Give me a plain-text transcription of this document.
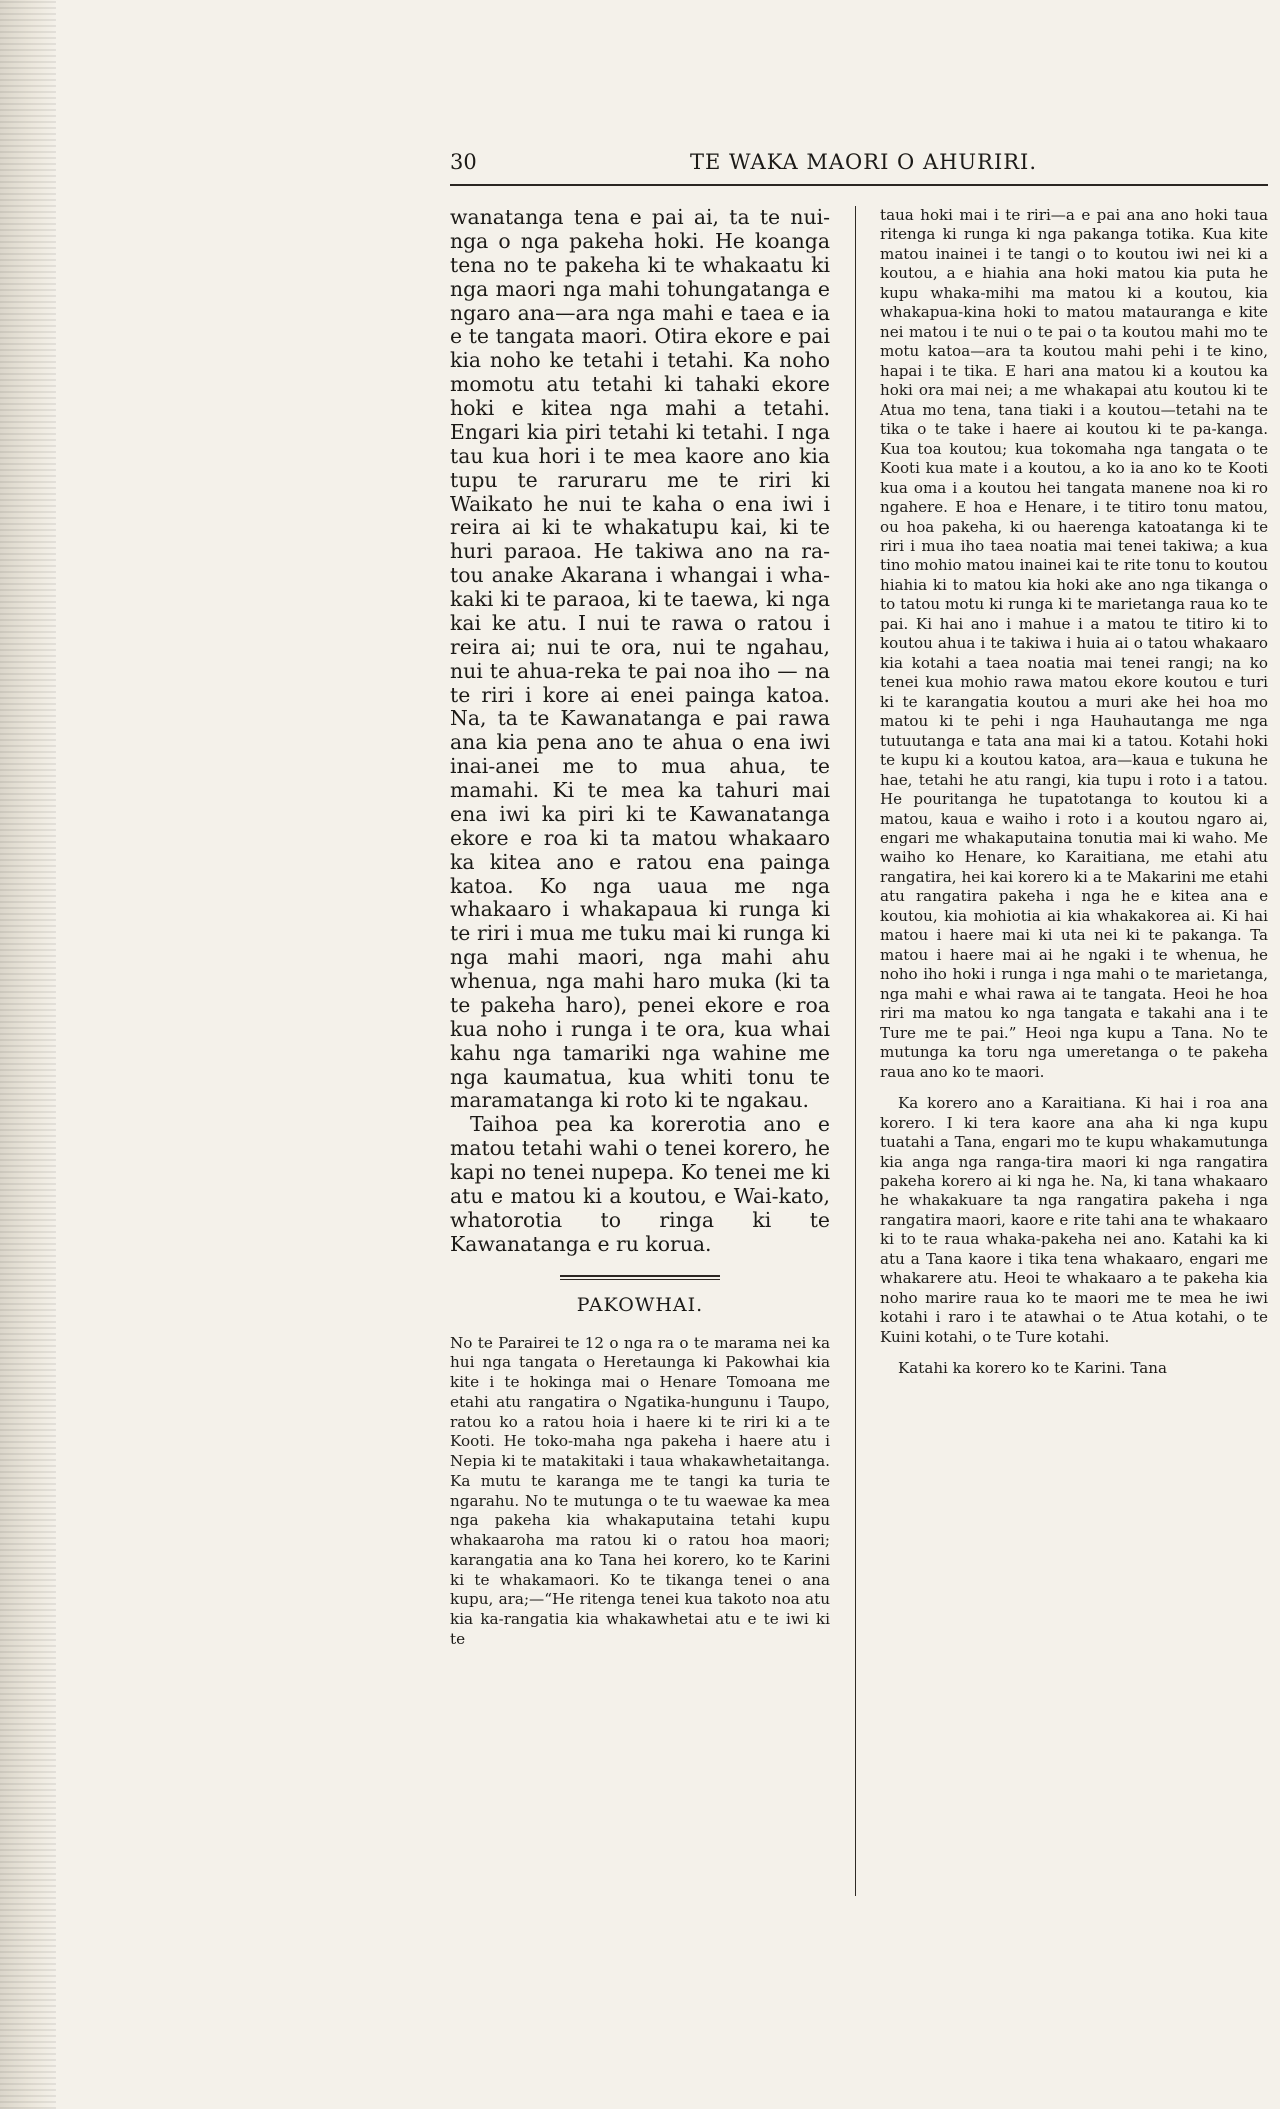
30	TE WAKA MAORI O AHURIRI.

wanatanga tena e pai ai, ta te nui-nga o nga pakeha hoki. He koanga tena no te pakeha ki te whakaatu ki nga maori nga mahi tohungatanga e ngaro ana—ara nga mahi e taea e ia e te tangata maori. Otira ekore e pai kia noho ke tetahi i tetahi. Ka noho momotu atu tetahi ki tahaki ekore hoki e kitea nga mahi a tetahi. Engari kia piri tetahi ki tetahi. I nga tau kua hori i te mea kaore ano kia tupu te raruraru me te riri ki Waikato he nui te kaha o ena iwi i reira ai ki te whakatupu kai, ki te huri paraoa. He takiwa ano na ra-tou anake Akarana i whangai i wha-kaki ki te paraoa, ki te taewa, ki nga kai ke atu. I nui te rawa o ratou i reira ai; nui te ora, nui te ngahau, nui te ahua-reka te pai noa iho — na te riri i kore ai enei painga katoa. Na, ta te Kawanatanga e pai rawa ana kia pena ano te ahua o ena iwi inai-anei me to mua ahua, te mamahi. Ki te mea ka tahuri mai ena iwi ka piri ki te Kawanatanga ekore e roa ki ta matou whakaaro ka kitea ano e ratou ena painga katoa. Ko nga uaua me nga whakaaro i whakapaua ki runga ki te riri i mua me tuku mai ki runga ki nga mahi maori, nga mahi ahu whenua, nga mahi haro muka (ki ta te pakeha haro), penei ekore e roa kua noho i runga i te ora, kua whai kahu nga tamariki nga wahine me nga kaumatua, kua whiti tonu te maramatanga ki roto ki te ngakau.

Taihoa pea ka korerotia ano e matou tetahi wahi o tenei korero, he kapi no tenei nupepa. Ko tenei me ki atu e matou ki a koutou, e Wai-kato, whatorotia to ringa ki te Kawanatanga e ru korua.

PAKOWHAI.

No te Parairei te 12 o nga ra o te marama nei ka hui nga tangata o Heretaunga ki Pakowhai kia kite i te hokinga mai o Henare Tomoana me etahi atu rangatira o Ngatika-hungunu i Taupo, ratou ko a ratou hoia i haere ki te riri ki a te Kooti. He toko-maha nga pakeha i haere atu i Nepia ki te matakitaki i taua whakawhetaitanga. Ka mutu te karanga me te tangi ka turia te ngarahu. No te mutunga o te tu waewae ka mea nga pakeha kia whakaputaina tetahi kupu whakaaroha ma ratou ki o ratou hoa maori; karangatia ana ko Tana hei korero, ko te Karini ki te whakamaori. Ko te tikanga tenei o ana kupu, ara;—“He ritenga tenei kua takoto noa atu kia ka-rangatia kia whakawhetai atu e te iwi ki te

taua hoki mai i te riri—a e pai ana ano hoki taua ritenga ki runga ki nga pakanga totika. Kua kite matou inainei i te tangi o to koutou iwi nei ki a koutou, a e hiahia ana hoki matou kia puta he kupu whaka-mihi ma matou ki a koutou, kia whakapua-kina hoki to matou matauranga e kite nei matou i te nui o te pai o ta koutou mahi mo te motu katoa—ara ta koutou mahi pehi i te kino, hapai i te tika. E hari ana matou ki a koutou ka hoki ora mai nei; a me whakapai atu koutou ki te Atua mo tena, tana tiaki i a koutou—tetahi na te tika o te take i haere ai koutou ki te pa-kanga. Kua toa koutou; kua tokomaha nga tangata o te Kooti kua mate i a koutou, a ko ia ano ko te Kooti kua oma i a koutou hei tangata manene noa ki ro ngahere. E hoa e Henare, i te titiro tonu matou, ou hoa pakeha, ki ou haerenga katoatanga ki te riri i mua iho taea noatia mai tenei takiwa; a kua tino mohio matou inainei kai te rite tonu to koutou hiahia ki to matou kia hoki ake ano nga tikanga o to tatou motu ki runga ki te marietanga raua ko te pai. Ki hai ano i mahue i a matou te titiro ki to koutou ahua i te takiwa i huia ai o tatou whakaaro kia kotahi a taea noatia mai tenei rangi; na ko tenei kua mohio rawa matou ekore koutou e turi ki te karangatia koutou a muri ake hei hoa mo matou ki te pehi i nga Hauhautanga me nga tutuutanga e tata ana mai ki a tatou. Kotahi hoki te kupu ki a koutou katoa, ara—kaua e tukuna he hae, tetahi he atu rangi, kia tupu i roto i a tatou. He pouritanga he tupatotanga to koutou ki a matou, kaua e waiho i roto i a koutou ngaro ai, engari me whakaputaina tonutia mai ki waho. Me waiho ko Henare, ko Karaitiana, me etahi atu rangatira, hei kai korero ki a te Makarini me etahi atu rangatira pakeha i nga he e kitea ana e koutou, kia mohiotia ai kia whakakorea ai. Ki hai matou i haere mai ki uta nei ki te pakanga. Ta matou i haere mai ai he ngaki i te whenua, he noho iho hoki i runga i nga mahi o te marietanga, nga mahi e whai rawa ai te tangata. Heoi he hoa riri ma matou ko nga tangata e takahi ana i te Ture me te pai.” Heoi nga kupu a Tana. No te mutunga ka toru nga umeretanga o te pakeha raua ano ko te maori.

Ka korero ano a Karaitiana. Ki hai i roa ana korero. I ki tera kaore ana aha ki nga kupu tuatahi a Tana, engari mo te kupu whakamutunga kia anga nga ranga-tira maori ki nga rangatira pakeha korero ai ki nga he. Na, ki tana whakaaro he whakakuare ta nga rangatira pakeha i nga rangatira maori, kaore e rite tahi ana te whakaaro ki to te raua whaka-pakeha nei ano. Katahi ka ki atu a Tana kaore i tika tena whakaaro, engari me whakarere atu. Heoi te whakaaro a te pakeha kia noho marire raua ko te maori me te mea he iwi kotahi i raro i te atawhai o te Atua kotahi, o te Kuini kotahi, o te Ture kotahi.

Katahi ka korero ko te Karini. Tana
